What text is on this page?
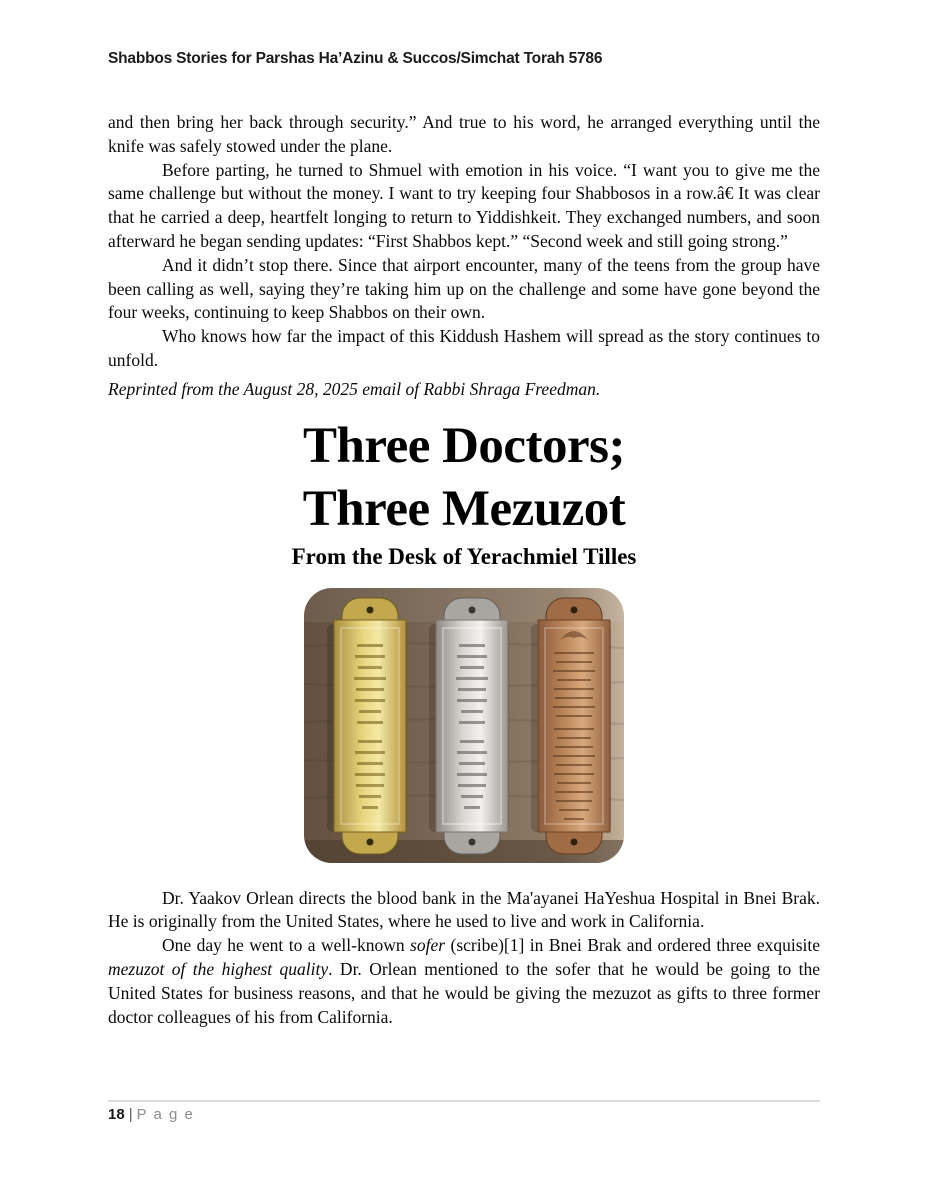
Shabbos Stories for Parshas Ha’Azinu & Succos/Simchat Torah 5786

and then bring her back through security.” And true to his word, he arranged everything until the knife was safely stowed under the plane.

Before parting, he turned to Shmuel with emotion in his voice. “I want you to give me the same challenge but without the money. I want to try keeping four Shabbosos in a row.â€ It was clear that he carried a deep, heartfelt longing to return to Yiddishkeit. They exchanged numbers, and soon afterward he began sending updates: “First Shabbos kept.” “Second week and still going strong.”

And it didn’t stop there. Since that airport encounter, many of the teens from the group have been calling as well, saying they’re taking him up on the challenge and some have gone beyond the four weeks, continuing to keep Shabbos on their own.

Who knows how far the impact of this Kiddush Hashem will spread as the story continues to unfold.

Reprinted from the August 28, 2025 email of Rabbi Shraga Freedman.

Three Doctors;
Three Mezuzot
From the Desk of Yerachmiel Tilles

Dr. Yaakov Orlean directs the blood bank in the Ma'ayanei HaYeshua Hospital in Bnei Brak. He is originally from the United States, where he used to live and work in California.

One day he went to a well-known sofer (scribe)[1] in Bnei Brak and ordered three exquisite mezuzot of the highest quality. Dr. Orlean mentioned to the sofer that he would be going to the United States for business reasons, and that he would be giving the mezuzot as gifts to three former doctor colleagues of his from California.

18 | P a g e
